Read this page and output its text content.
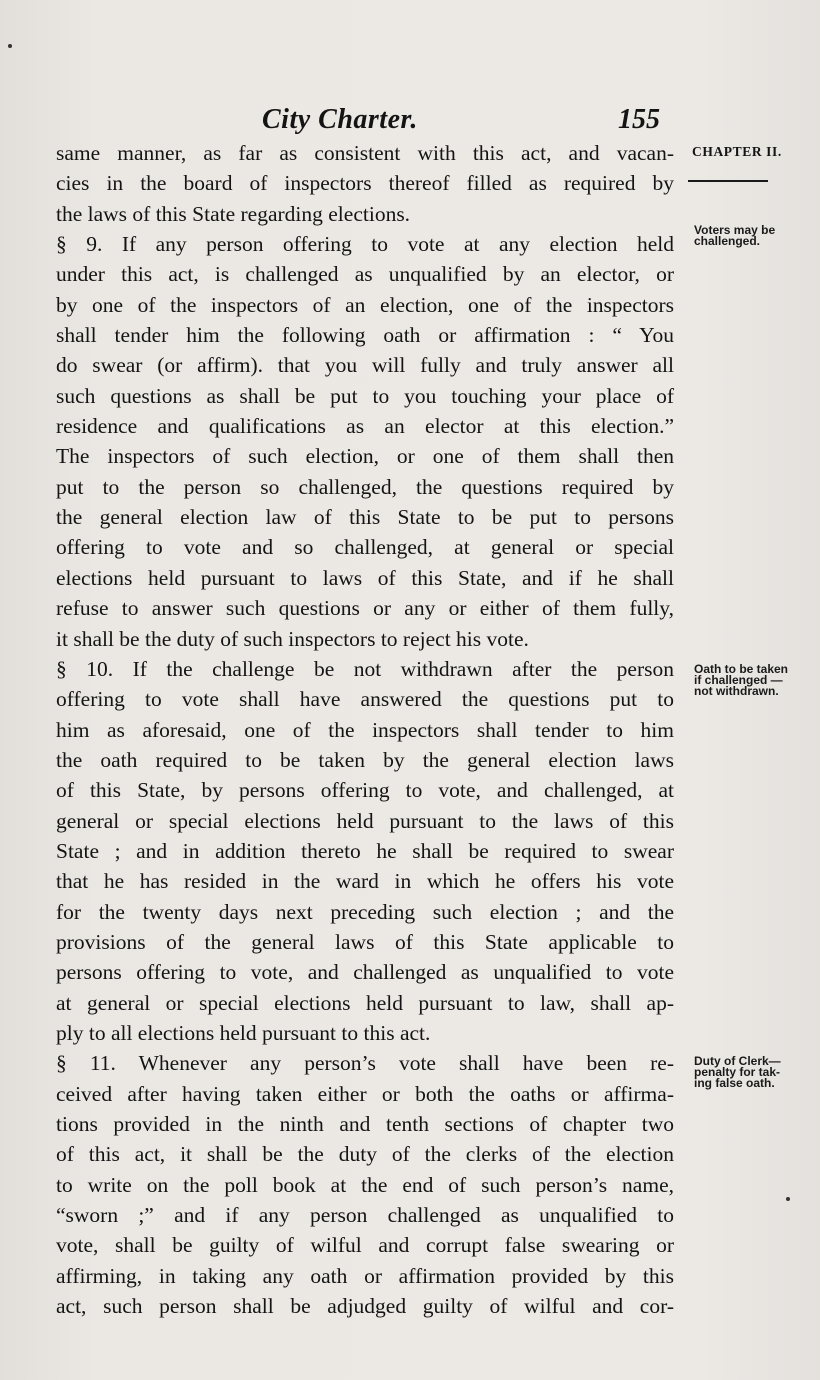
City Charter.	155
CHAPTER II.
same manner, as far as consistent with this act, and vacan-
cies in the board of inspectors thereof filled as required by
the laws of this State regarding elections.
§ 9. If any person offering to vote at any election held
under this act, is challenged as unqualified by an elector, or
by one of the inspectors of an election, one of the inspectors
shall tender him the following oath or affirmation : “ You
do swear (or affirm). that you will fully and truly answer all
such questions as shall be put to you touching your place of
residence and qualifications as an elector at this election.”
The inspectors of such election, or one of them shall then
put to the person so challenged, the questions required by
the general election law of this State to be put to persons
offering to vote and so challenged, at general or special
elections held pursuant to laws of this State, and if he shall
refuse to answer such questions or any or either of them fully,
it shall be the duty of such inspectors to reject his vote.
§ 10. If the challenge be not withdrawn after the person
offering to vote shall have answered the questions put to
him as aforesaid, one of the inspectors shall tender to him
the oath required to be taken by the general election laws
of this State, by persons offering to vote, and challenged, at
general or special elections held pursuant to the laws of this
State ; and in addition thereto he shall be required to swear
that he has resided in the ward in which he offers his vote
for the twenty days next preceding such election ; and the
provisions of the general laws of this State applicable to
persons offering to vote, and challenged as unqualified to vote
at general or special elections held pursuant to law, shall ap-
ply to all elections held pursuant to this act.
§ 11. Whenever any person’s vote shall have been re-
ceived after having taken either or both the oaths or affirma-
tions provided in the ninth and tenth sections of chapter two
of this act, it shall be the duty of the clerks of the election
to write on the poll book at the end of such person’s name,
“sworn ;” and if any person challenged as unqualified to
vote, shall be guilty of wilful and corrupt false swearing or
affirming, in taking any oath or affirmation provided by this
act, such person shall be adjudged guilty of wilful and cor-
Voters may be
challenged.
Oath to be taken
if challenged —
not withdrawn.
Duty of Clerk—
penalty for tak-
ing false oath.
